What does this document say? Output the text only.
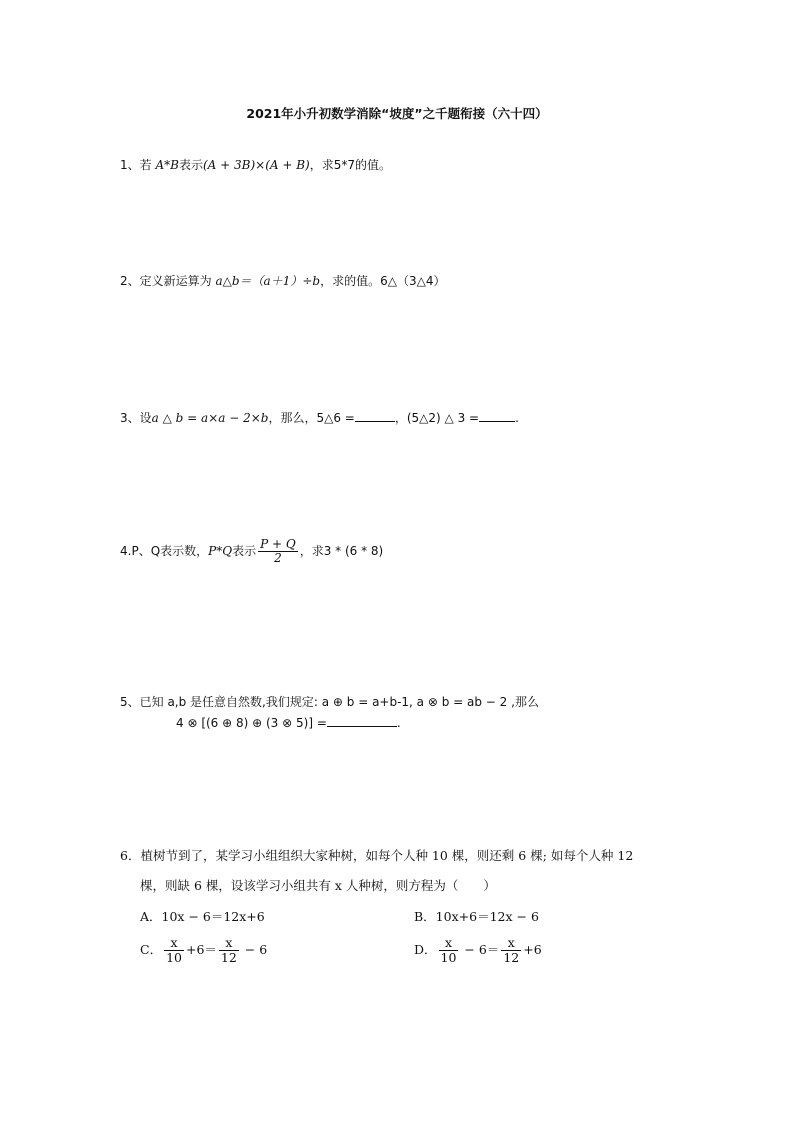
2021年小升初数学消除“坡度”之千题衔接（六十四）
1、若 A*B表示(A + 3B)×(A + B)，求5*7的值。
2、定义新运算为 a△b＝（a＋1）÷b，求的值。6△（3△4）
3、设a △ b = a×a − 2×b，那么，5△6 =	，(5△2) △ 3 =	.
4.P、Q表示数，P*Q表示 $\frac{P + Q}{2}$ ，求3 * (6 * 8)
5、已知 a,b 是任意自然数,我们规定: a ⊕ b = a+b-1, a ⊗ b = ab − 2 ,那么
4 ⊗ [(6 ⊕ 8) ⊕ (3 ⊗ 5)] =	.
6．植树节到了，某学习小组组织大家种树，如每个人种 10 棵，则还剩 6 棵; 如每个人种 12
棵，则缺 6 棵，设该学习小组共有 x 人种树，则方程为（　　）
A．10x − 6＝12x+6	B．10x+6＝12x − 6
C． $\frac{x}{10} +6= \frac{x}{12} - 6$	D． $\frac{x}{10} - 6= \frac{x}{12} +6$
